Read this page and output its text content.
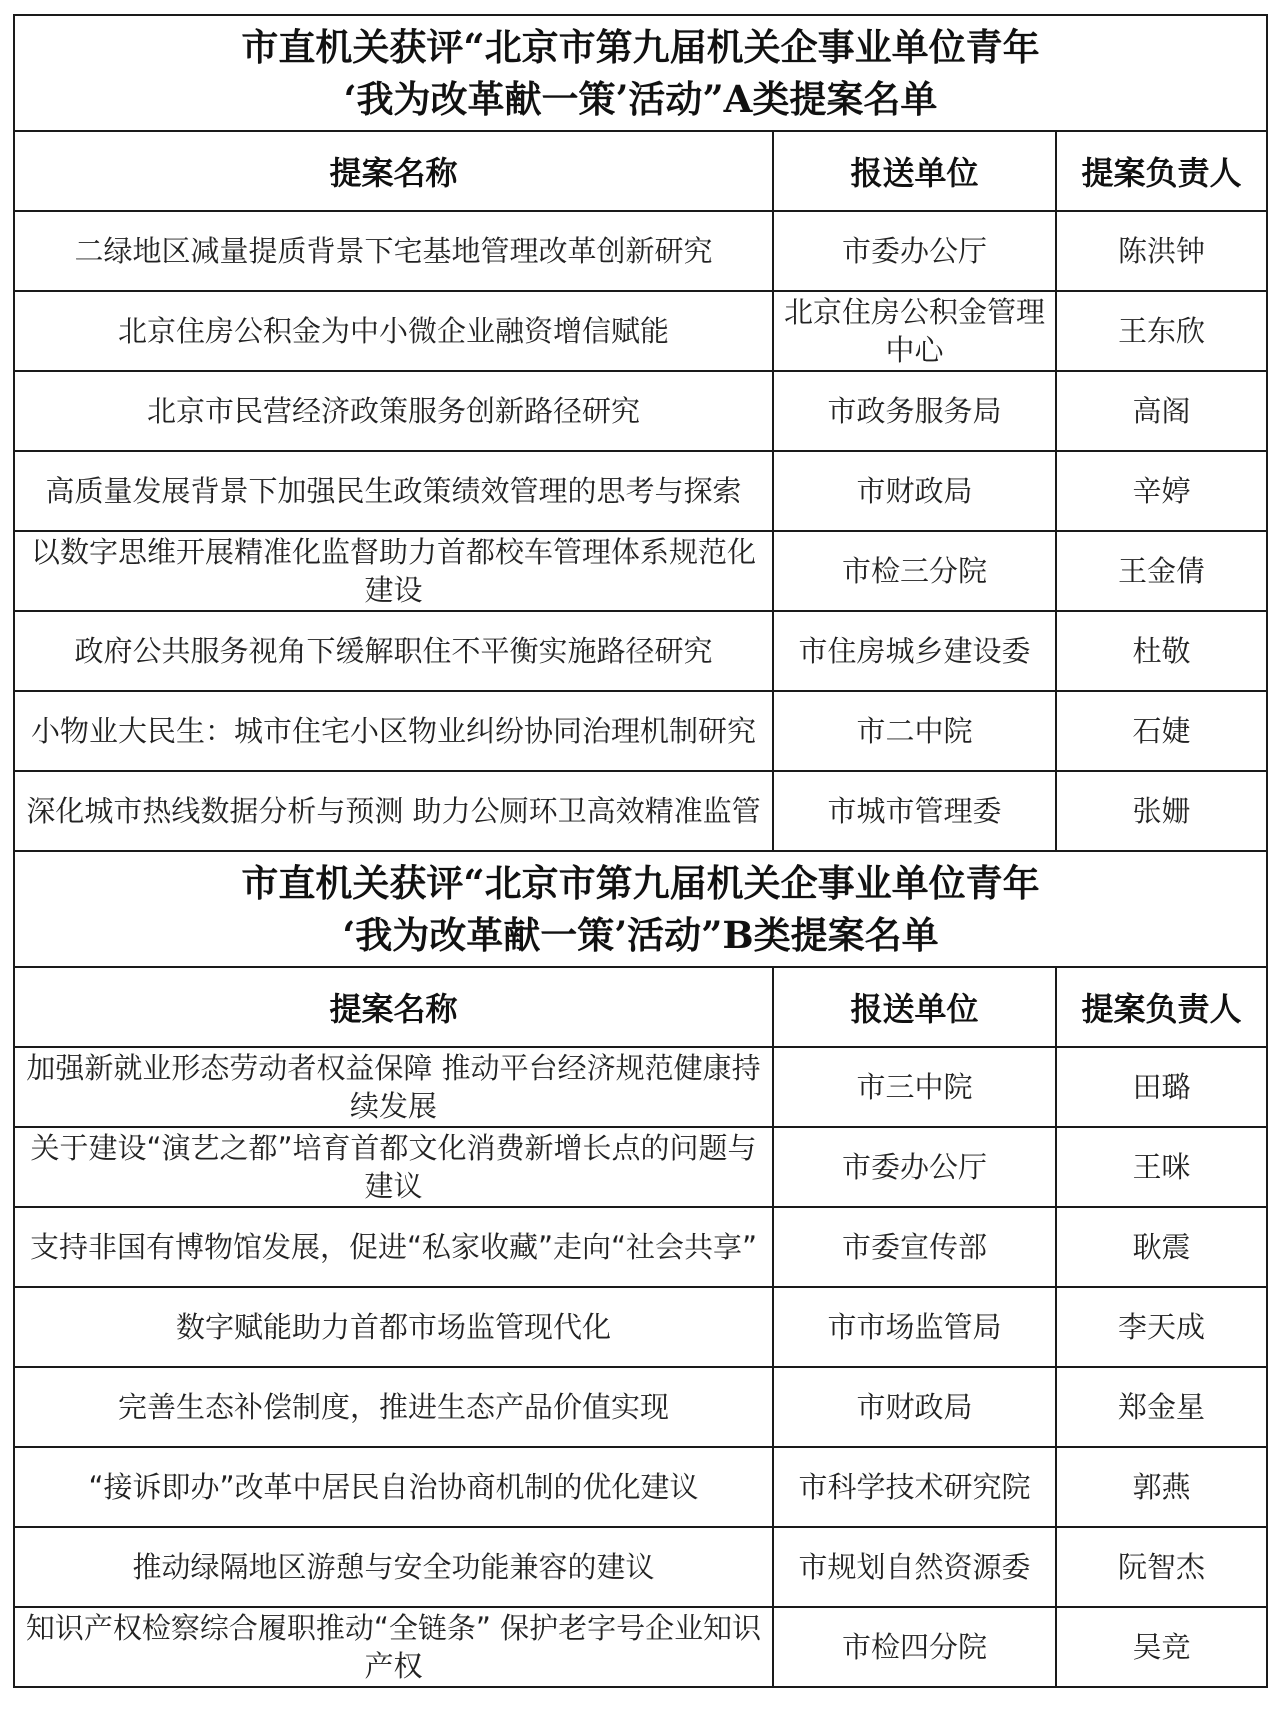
市直机关获评“北京市第九届机关企事业单位青年
‘我为改革献一策’活动”A类提案名单		

提案名称	报送单位	提案负责人
二绿地区减量提质背景下宅基地管理改革创新研究	市委办公厅	陈洪钟
北京住房公积金为中小微企业融资增信赋能	北京住房公积金管理中心	王东欣
北京市民营经济政策服务创新路径研究	市政务服务局	高阁
高质量发展背景下加强民生政策绩效管理的思考与探索	市财政局	辛婷
以数字思维开展精准化监督助力首都校车管理体系规范化建设	市检三分院	王金倩
政府公共服务视角下缓解职住不平衡实施路径研究	市住房城乡建设委	杜敬
小物业大民生：城市住宅小区物业纠纷协同治理机制研究	市二中院	石婕
深化城市热线数据分析与预测 助力公厕环卫高效精准监管	市城市管理委	张姗

市直机关获评“北京市第九届机关企事业单位青年
‘我为改革献一策’活动”B类提案名单		

提案名称	报送单位	提案负责人
加强新就业形态劳动者权益保障 推动平台经济规范健康持续发展	市三中院	田璐
关于建设“演艺之都”培育首都文化消费新增长点的问题与建议	市委办公厅	王咪
支持非国有博物馆发展，促进“私家收藏”走向“社会共享”	市委宣传部	耿震
数字赋能助力首都市场监管现代化	市市场监管局	李天成
完善生态补偿制度，推进生态产品价值实现	市财政局	郑金星
“接诉即办”改革中居民自治协商机制的优化建议	市科学技术研究院	郭燕
推动绿隔地区游憩与安全功能兼容的建议	市规划自然资源委	阮智杰
知识产权检察综合履职推动“全链条” 保护老字号企业知识产权	市检四分院	吴竞
